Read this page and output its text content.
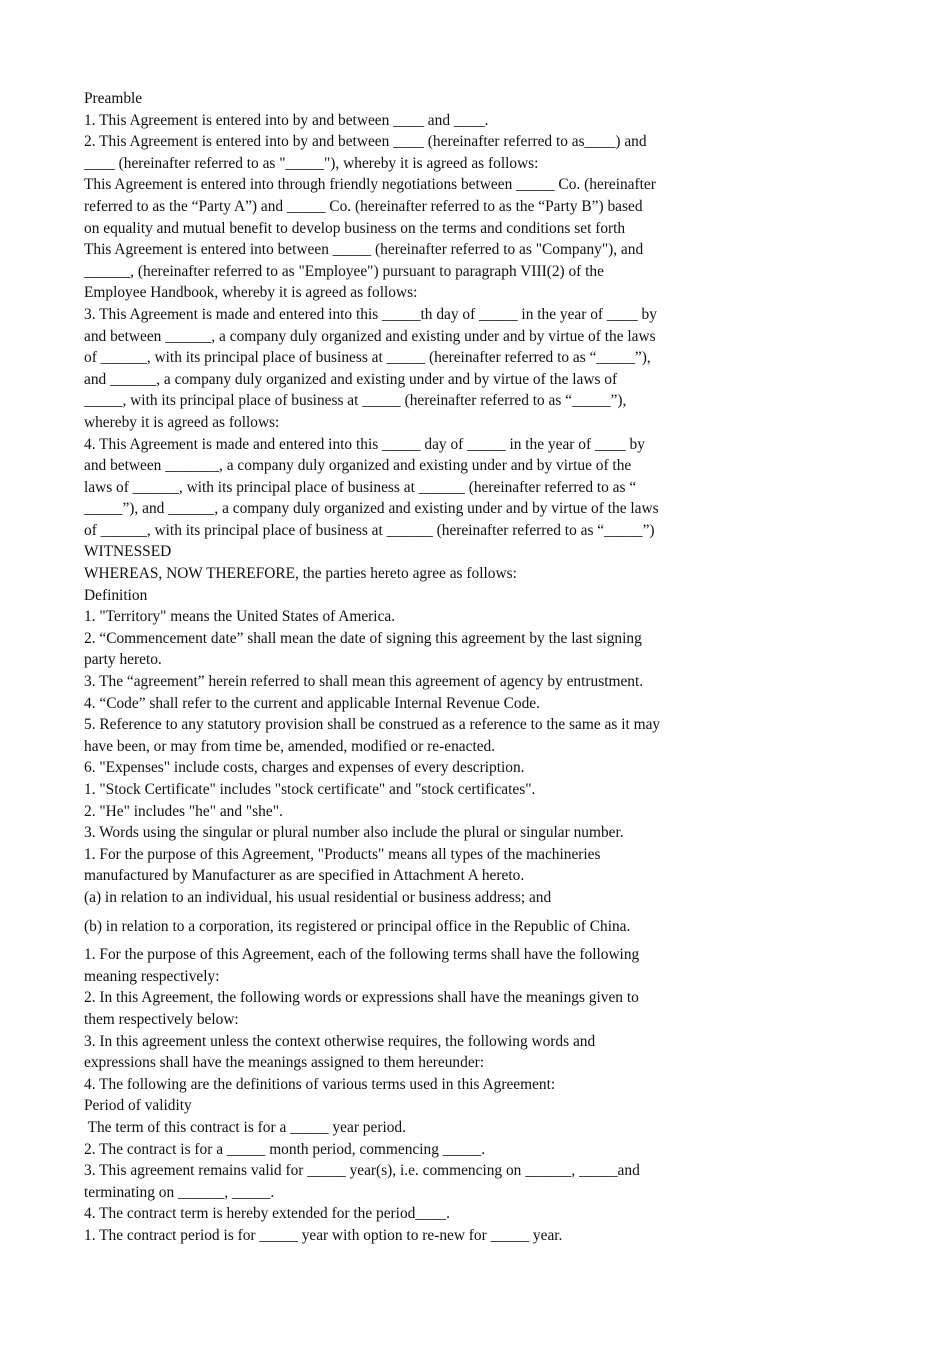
Preamble
1. This Agreement is entered into by and between ____ and ____.
2. This Agreement is entered into by and between ____ (hereinafter referred to as____) and
____ (hereinafter referred to as "_____"), whereby it is agreed as follows:
This Agreement is entered into through friendly negotiations between _____ Co. (hereinafter
referred to as the “Party A”) and _____ Co. (hereinafter referred to as the “Party B”) based
on equality and mutual benefit to develop business on the terms and conditions set forth
This Agreement is entered into between _____ (hereinafter referred to as "Company"), and
______, (hereinafter referred to as "Employee") pursuant to paragraph VIII(2) of the
Employee Handbook, whereby it is agreed as follows:
3. This Agreement is made and entered into this _____th day of _____ in the year of ____ by
and between ______, a company duly organized and existing under and by virtue of the laws
of ______, with its principal place of business at _____ (hereinafter referred to as “_____”),
and ______, a company duly organized and existing under and by virtue of the laws of
_____, with its principal place of business at _____ (hereinafter referred to as “_____”),
whereby it is agreed as follows:
4. This Agreement is made and entered into this _____ day of _____ in the year of ____ by
and between _______, a company duly organized and existing under and by virtue of the
laws of ______, with its principal place of business at ______ (hereinafter referred to as “
_____”), and ______, a company duly organized and existing under and by virtue of the laws
of ______, with its principal place of business at ______ (hereinafter referred to as “_____”)
WITNESSED
WHEREAS, NOW THEREFORE, the parties hereto agree as follows:
Definition
1. "Territory" means the United States of America.
2. “Commencement date” shall mean the date of signing this agreement by the last signing
party hereto.
3. The “agreement” herein referred to shall mean this agreement of agency by entrustment.
4. “Code” shall refer to the current and applicable Internal Revenue Code.
5. Reference to any statutory provision shall be construed as a reference to the same as it may
have been, or may from time be, amended, modified or re-enacted.
6. "Expenses" include costs, charges and expenses of every description.
1. "Stock Certificate" includes "stock certificate" and "stock certificates".
2. "He" includes "he" and "she".
3. Words using the singular or plural number also include the plural or singular number.
1. For the purpose of this Agreement, "Products" means all types of the machineries
manufactured by Manufacturer as are specified in Attachment A hereto.
(a) in relation to an individual, his usual residential or business address; and
(b) in relation to a corporation, its registered or principal office in the Republic of China.
1. For the purpose of this Agreement, each of the following terms shall have the following
meaning respectively:
2. In this Agreement, the following words or expressions shall have the meanings given to
them respectively below:
3. In this agreement unless the context otherwise requires, the following words and
expressions shall have the meanings assigned to them hereunder:
4. The following are the definitions of various terms used in this Agreement:
Period of validity
The term of this contract is for a _____ year period.
2. The contract is for a _____ month period, commencing _____.
3. This agreement remains valid for _____ year(s), i.e. commencing on ______, _____and
terminating on ______, _____.
4. The contract term is hereby extended for the period____.
1. The contract period is for _____ year with option to re-new for _____ year.
